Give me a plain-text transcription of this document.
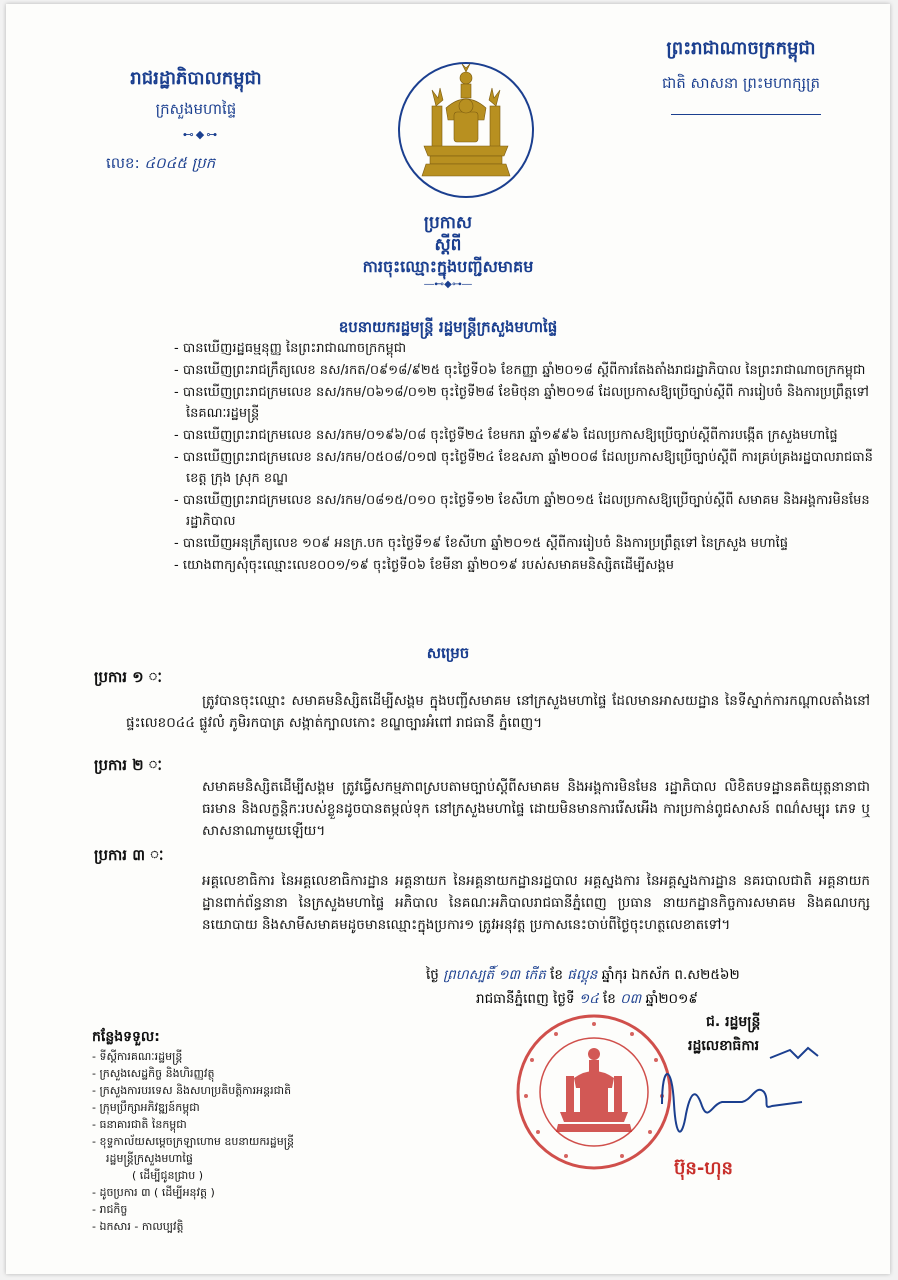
រាជរដ្ឋាភិបាលកម្ពុជា
ក្រសួងមហាផ្ទៃ
⊷◆⊶
លេខ: ៤០៤៥ ប្រក
ព្រះរាជាណាចក្រកម្ពុជា
ជាតិ សាសនា ព្រះមហាក្សត្រ
ប្រកាស
ស្តីពី
ការចុះឈ្មោះក្នុងបញ្ជីសមាគម
―⊷◆⊶―
ឧបនាយករដ្ឋមន្ត្រី រដ្ឋមន្ត្រីក្រសួងមហាផ្ទៃ
- បានឃើញរដ្ឋធម្មនុញ្ញ នៃព្រះរាជាណាចក្រកម្ពុជា
- បានឃើញព្រះរាជក្រឹត្យលេខ នស/រកត/០៩១៨/៩២៥ ចុះថ្ងៃទី០៦ ខែកញ្ញា ឆ្នាំ២០១៨ ស្តីពីការតែងតាំងរាជរដ្ឋាភិបាល នៃព្រះរាជាណាចក្រកម្ពុជា
- បានឃើញព្រះរាជក្រមលេខ នស/រកម/០៦១៨/០១២ ចុះថ្ងៃទី២៨ ខែមិថុនា ឆ្នាំ២០១៨ ដែលប្រកាសឱ្យប្រើច្បាប់ស្តីពី ការរៀបចំ និងការប្រព្រឹត្តទៅ នៃគណៈរដ្ឋមន្ត្រី
- បានឃើញព្រះរាជក្រមលេខ នស/រកម/០១៩៦/០៨ ចុះថ្ងៃទី២៤ ខែមករា ឆ្នាំ១៩៩៦ ដែលប្រកាសឱ្យប្រើច្បាប់ស្តីពីការបង្កើត ក្រសួងមហាផ្ទៃ
- បានឃើញព្រះរាជក្រមលេខ នស/រកម/០៥០៨/០១៧ ចុះថ្ងៃទី២៤ ខែឧសភា ឆ្នាំ២០០៨ ដែលប្រកាសឱ្យប្រើច្បាប់ស្តីពី ការគ្រប់គ្រងរដ្ឋបាលរាជធានី ខេត្ត ក្រុង ស្រុក ខណ្ឌ
- បានឃើញព្រះរាជក្រមលេខ នស/រកម/០៨១៥/០១០ ចុះថ្ងៃទី១២ ខែសីហា ឆ្នាំ២០១៥ ដែលប្រកាសឱ្យប្រើច្បាប់ស្តីពី សមាគម និងអង្គការមិនមែនរដ្ឋាភិបាល
- បានឃើញអនុក្រឹត្យលេខ ១០៩ អនក្រ.បក ចុះថ្ងៃទី១៩ ខែសីហា ឆ្នាំ២០១៥ ស្តីពីការរៀបចំ និងការប្រព្រឹត្តទៅ នៃក្រសួង មហាផ្ទៃ
- យោងពាក្យសុំចុះឈ្មោះលេខ០០១/១៩ ចុះថ្ងៃទី០៦ ខែមីនា ឆ្នាំ២០១៩ របស់សមាគមនិស្សិតដើម្បីសង្គម
សម្រេច
ប្រការ ១ ៈ
ត្រូវបានចុះឈ្មោះ សមាគមនិស្សិតដើម្បីសង្គម ក្នុងបញ្ជីសមាគម នៅក្រសួងមហាផ្ទៃ ដែលមានអាសយដ្ឋាន នៃទីស្នាក់ការកណ្តាលតាំងនៅផ្ទះលេខ០៤៤ ផ្លូវលំ ភូមិរកបាត្រ សង្កាត់ក្បាលកោះ ខណ្ឌច្បារអំពៅ រាជធានី ភ្នំពេញ។
ប្រការ ២ ៈ
សមាគមនិស្សិតដើម្បីសង្គម ត្រូវធ្វើសកម្មភាពស្របតាមច្បាប់ស្តីពីសមាគម និងអង្គការមិនមែន រដ្ឋាភិបាល លិខិតបទដ្ឋានគតិយុត្តនានាជាធរមាន និងលក្ខន្តិកៈរបស់ខ្លួនដូចបានតម្កល់ទុក នៅក្រសួងមហាផ្ទៃ ដោយមិនមានការរើសអើង ការប្រកាន់ពូជសាសន៍ ពណ៌សម្បុរ ភេទ ឬសាសនាណាមួយឡើយ។
ប្រការ ៣ ៈ
អគ្គលេខាធិការ នៃអគ្គលេខាធិការដ្ឋាន អគ្គនាយក នៃអគ្គនាយកដ្ឋានរដ្ឋបាល អគ្គស្នងការ នៃអគ្គស្នងការដ្ឋាន នគរបាលជាតិ អគ្គនាយកដ្ឋានពាក់ព័ន្ធនានា នៃក្រសួងមហាផ្ទៃ អភិបាល នៃគណៈអភិបាលរាជធានីភ្នំពេញ ប្រធាន នាយកដ្ឋានកិច្ចការសមាគម និងគណបក្សនយោបាយ និងសាមីសមាគមដូចមានឈ្មោះក្នុងប្រការ១ ត្រូវអនុវត្ត ប្រកាសនេះចាប់ពីថ្ងៃចុះហត្ថលេខាតទៅ។
ថ្ងៃ ព្រហស្បតិ៍ ១៣ កើត ខែ ផល្គុន ឆ្នាំកុរ ឯកស័ក ព.ស២៥៦២
រាជធានីភ្នំពេញ ថ្ងៃទី ១៤ ខែ ០៣ ឆ្នាំ២០១៩
កន្លែងទទួល:
- ទីស្តីការគណៈរដ្ឋមន្ត្រី
- ក្រសួងសេដ្ឋកិច្ច និងហិរញ្ញវត្ថុ
- ក្រសួងការបរទេស និងសហប្រតិបត្តិការអន្តរជាតិ
- ក្រុមប្រឹក្សាអភិវឌ្ឍន៍កម្ពុជា
- ធនាគារជាតិ នៃកម្ពុជា
- ខុទ្ទកាល័យសម្តេចក្រឡាហោម ឧបនាយករដ្ឋមន្ត្រី
រដ្ឋមន្ត្រីក្រសួងមហាផ្ទៃ
( ដើម្បីជូនជ្រាប )
- ដូចប្រការ ៣ ( ដើម្បីអនុវត្ត )
- រាជកិច្ច
- ឯកសារ - កាលប្បវត្តិ
ជ. រដ្ឋមន្ត្រី
រដ្ឋលេខាធិការ
ប៊ុន-ហុន
